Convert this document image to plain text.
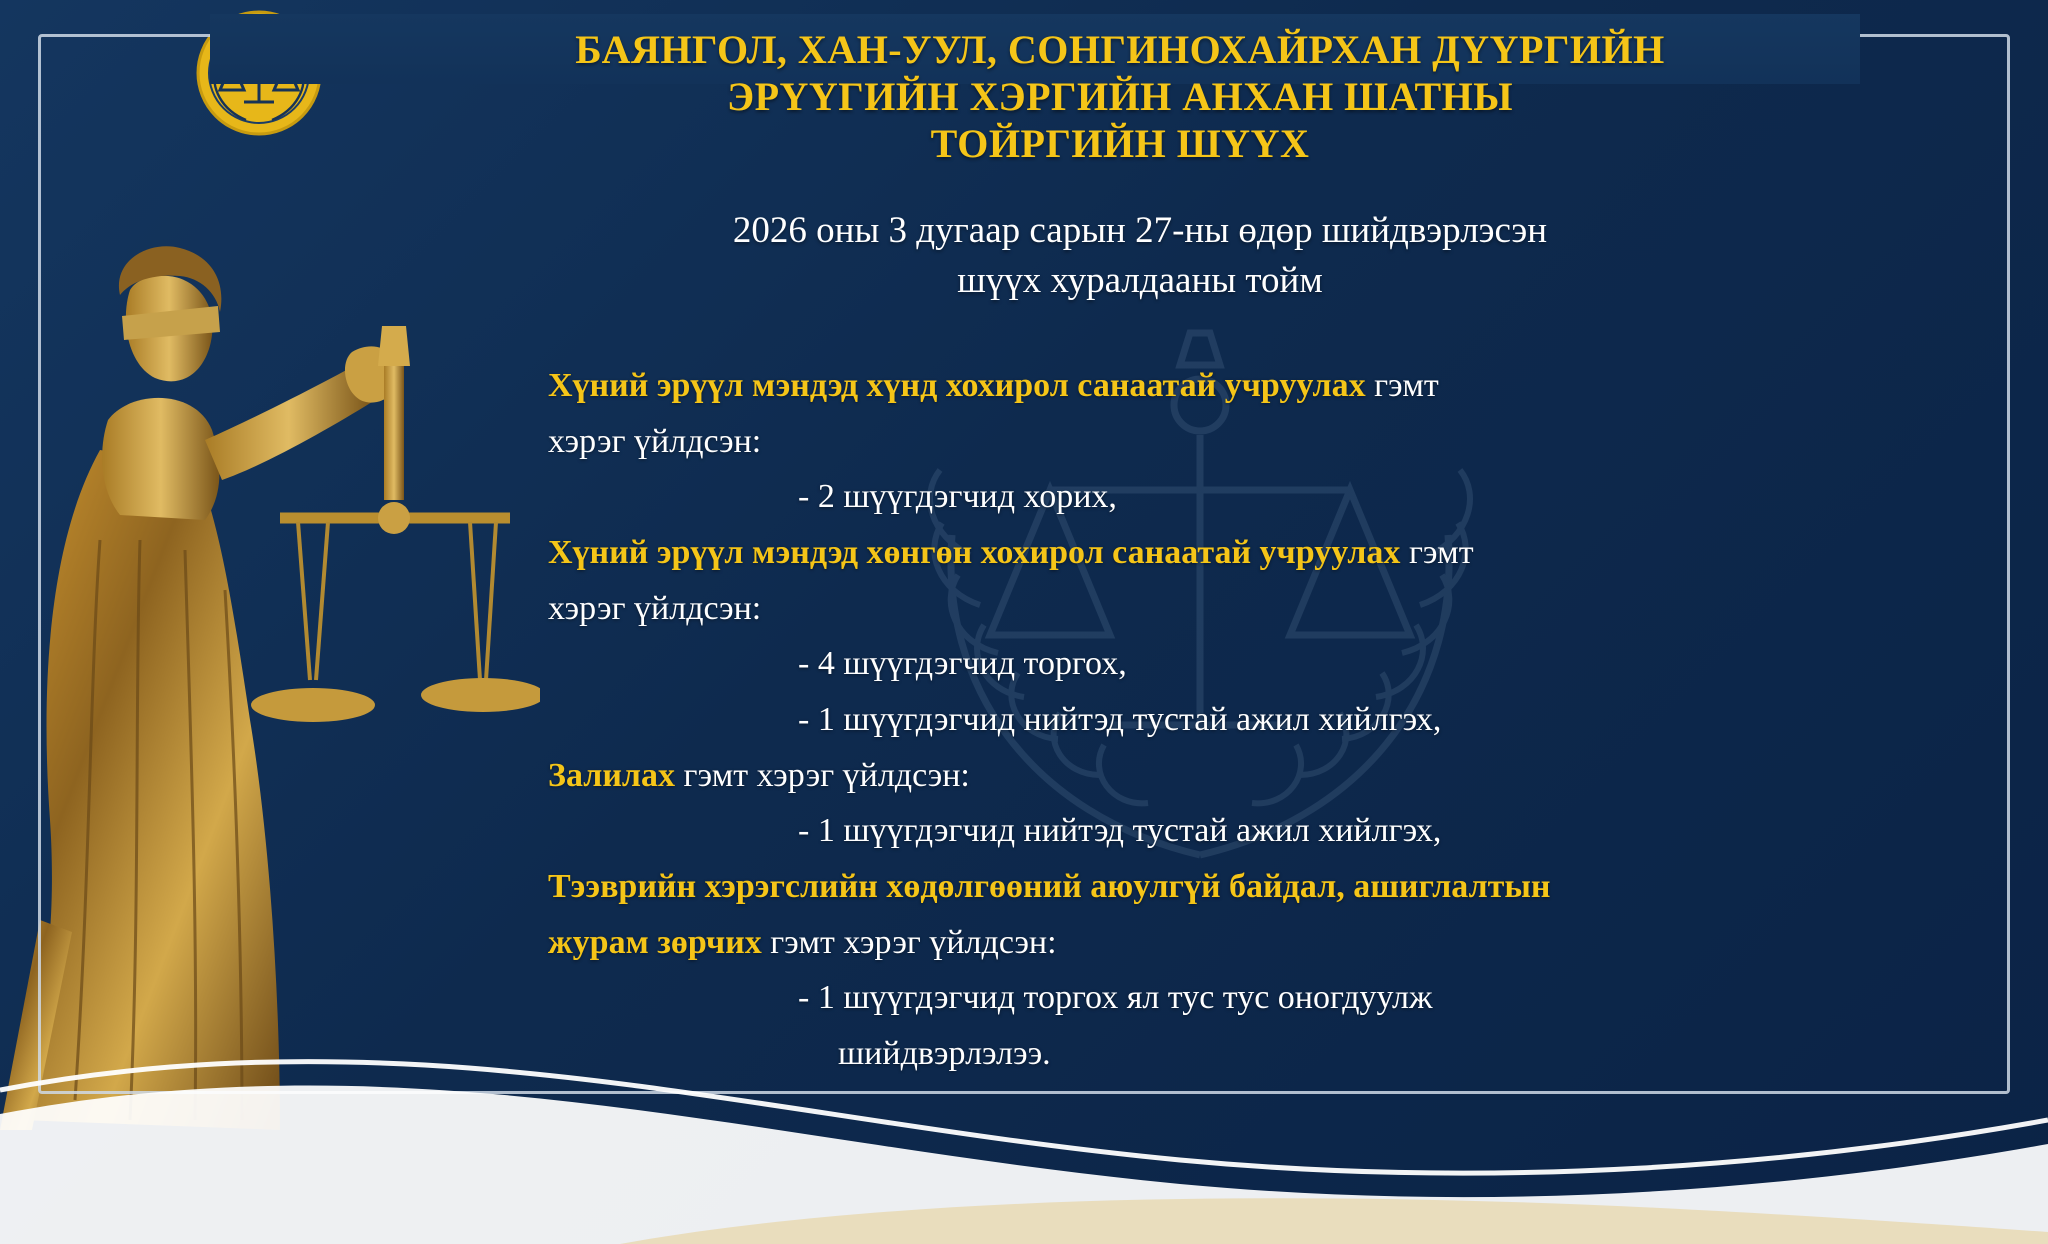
БАЯНГОЛ, ХАН-УУЛ, СОНГИНОХАЙРХАН ДҮҮРГИЙН
ЭРҮҮГИЙН ХЭРГИЙН АНХАН ШАТНЫ
ТОЙРГИЙН ШҮҮХ
2026 оны 3 дугаар сарын 27-ны өдөр шийдвэрлэсэн
шүүх хуралдааны тойм

Хүний эрүүл мэндэд хүнд хохирол санаатай учруулах гэмт

хэрэг үйлдсэн:

- 2 шүүгдэгчид хорих,

Хүний эрүүл мэндэд хөнгөн хохирол санаатай учруулах гэмт

хэрэг үйлдсэн:

- 4 шүүгдэгчид торгох,

- 1 шүүгдэгчид нийтэд тустай ажил хийлгэх,

Залилах гэмт хэрэг үйлдсэн:

- 1 шүүгдэгчид нийтэд тустай ажил хийлгэх,

Тээврийн хэрэгслийн хөдөлгөөний аюулгүй байдал, ашиглалтын

журам зөрчих гэмт хэрэг үйлдсэн:

- 1 шүүгдэгчид торгох ял тус тус оногдуулж

шийдвэрлэлээ.
